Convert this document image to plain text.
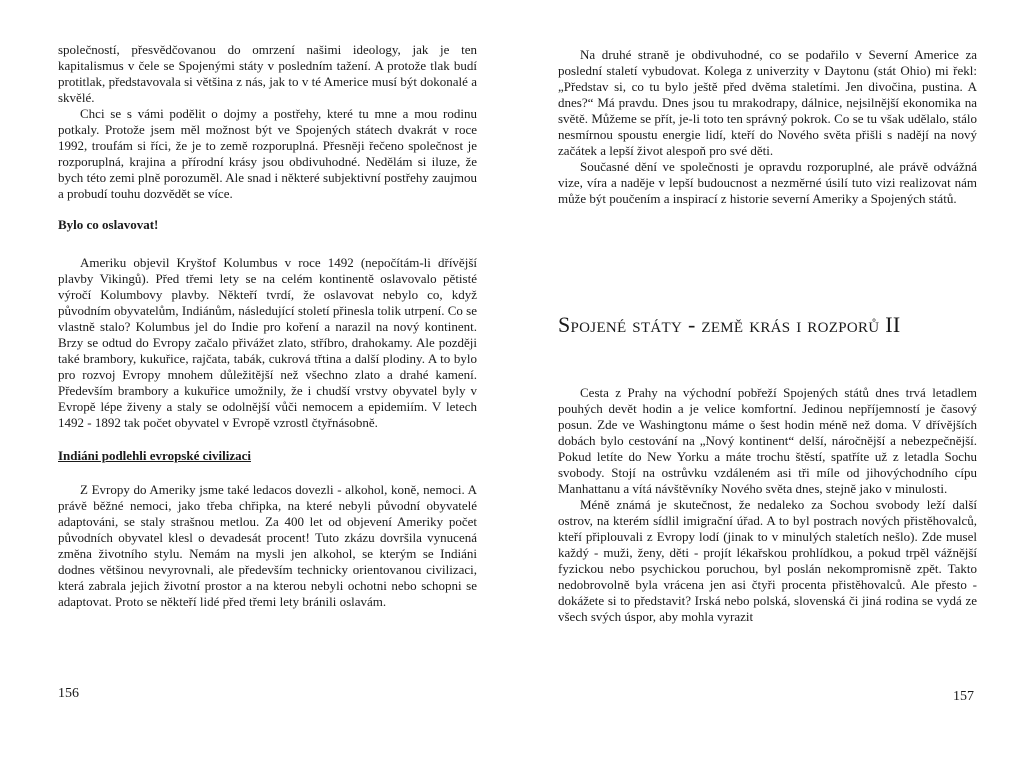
společností, přesvědčovanou do omrzení našimi ideology, jak je ten kapitalismus v čele se Spojenými státy v posledním tažení. A protože tlak budí protitlak, představovala si většina z nás, jak to v té Americe musí být dokonalé a skvělé.

Chci se s vámi podělit o dojmy a postřehy, které tu mne a mou rodinu potkaly. Protože jsem měl možnost být ve Spojených státech dvakrát v roce 1992, troufám si říci, že je to země rozporuplná. Přesněji řečeno společnost je rozporuplná, krajina a přírodní krásy jsou obdivuhodné. Nedělám si iluze, že bych této zemi plně porozuměl. Ale snad i některé subjektivní postřehy zaujmou a probudí touhu dozvědět se více.

Bylo co oslavovat!

Ameriku objevil Kryštof Kolumbus v roce 1492 (nepočítám-li dřívější plavby Vikingů). Před třemi lety se na celém kontinentě oslavovalo pětisté výročí Kolumbovy plavby. Někteří tvrdí, že oslavovat nebylo co, když původním obyvatelům, Indiánům, následující století přinesla tolik utrpení. Co se vlastně stalo? Kolumbus jel do Indie pro koření a narazil na nový kontinent. Brzy se odtud do Evropy začalo přivážet zlato, stříbro, drahokamy. Ale později také brambory, kukuřice, rajčata, tabák, cukrová třtina a další plodiny. A to bylo pro rozvoj Evropy mnohem důležitější než všechno zlato a drahé kamení. Především brambory a kukuřice umožnily, že i chudší vrstvy obyvatel byly v Evropě lépe živeny a staly se odolnější vůči nemocem a epidemiím. V letech 1492 - 1892 tak počet obyvatel v Evropě vzrostl čtyřnásobně.

Indiáni podlehli evropské civilizaci

Z Evropy do Ameriky jsme také ledacos dovezli - alkohol, koně, nemoci. A právě běžné nemoci, jako třeba chřipka, na které nebyli původní obyvatelé adaptováni, se staly strašnou metlou. Za 400 let od objevení Ameriky počet původních obyvatel klesl o devadesát procent! Tuto zkázu dovršila vynucená změna životního stylu. Nemám na mysli jen alkohol, se kterým se Indiáni dodnes většinou nevyrovnali, ale především technicky orientovanou civilizaci, která zabrala jejich životní prostor a na kterou nebyli ochotni nebo schopni se adaptovat. Proto se někteří lidé před třemi lety bránili oslavám.

156

Na druhé straně je obdivuhodné, co se podařilo v Severní Americe za poslední staletí vybudovat. Kolega z univerzity v Daytonu (stát Ohio) mi řekl: „Představ si, co tu bylo ještě před dvěma staletími. Jen divočina, pustina. A dnes?“ Má pravdu. Dnes jsou tu mrakodrapy, dálnice, nejsilnější ekonomika na světě. Můžeme se přít, je-li toto ten správný pokrok. Co se tu však udělalo, stálo nesmírnou spoustu energie lidí, kteří do Nového světa přišli s nadějí na nový začátek a lepší život alespoň pro své děti.

Současné dění ve společnosti je opravdu rozporuplné, ale právě odvážná vize, víra a naděje v lepší budoucnost a nezměrné úsilí tuto vizi realizovat nám může být poučením a inspirací z historie severní Ameriky a Spojených států.

Spojené státy - země krás i rozporů II

Cesta z Prahy na východní pobřeží Spojených států dnes trvá letadlem pouhých devět hodin a je velice komfortní. Jedinou nepříjemností je časový posun. Zde ve Washingtonu máme o šest hodin méně než doma. V dřívějších dobách bylo cestování na „Nový kontinent“ delší, náročnější a nebezpečnější. Pokud letíte do New Yorku a máte trochu štěstí, spatříte už z letadla Sochu svobody. Stojí na ostrůvku vzdáleném asi tři míle od jihovýchodního cípu Manhattanu a vítá návštěvníky Nového světa dnes, stejně jako v minulosti.

Méně známá je skutečnost, že nedaleko za Sochou svobody leží další ostrov, na kterém sídlil imigrační úřad. A to byl postrach nových přistěhovalců, kteří připlouvali z Evropy lodí (jinak to v minulých staletích nešlo). Zde musel každý - muži, ženy, děti - projít lékařskou prohlídkou, a pokud trpěl vážnější fyzickou nebo psychickou poruchou, byl poslán nekompromisně zpět. Takto nedobrovolně byla vrácena jen asi čtyři procenta přistěhovalců. Ale přesto - dokážete si to představit? Irská nebo polská, slovenská či jiná rodina se vydá ze všech svých úspor, aby mohla vyrazit

157
